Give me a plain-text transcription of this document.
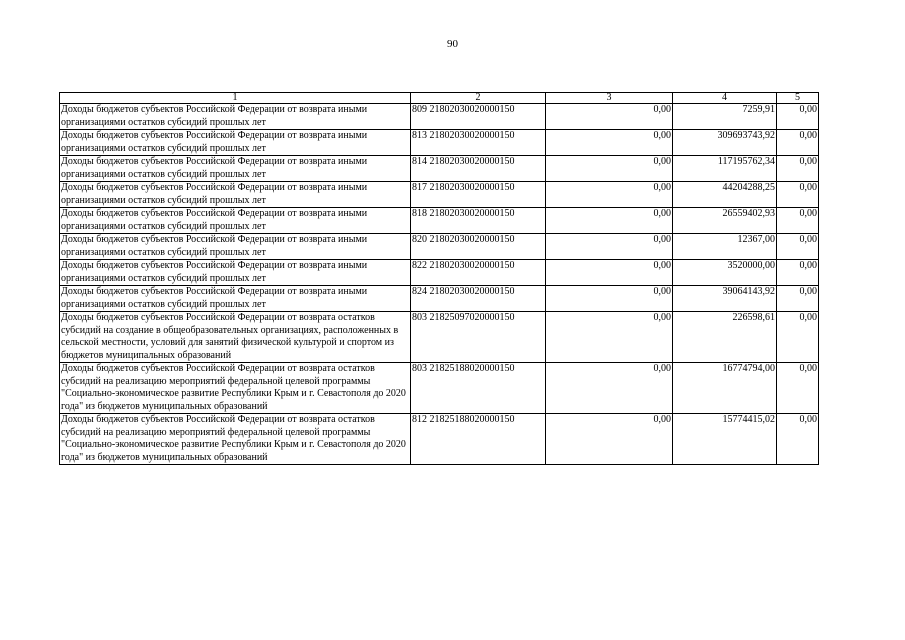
90
1	2	3	4	5
Доходы бюджетов субъектов Российской Федерации от возврата иными организациями остатков субсидий прошлых лет	809 21802030020000150	0,00	7259,91	0,00
Доходы бюджетов субъектов Российской Федерации от возврата иными организациями остатков субсидий прошлых лет	813 21802030020000150	0,00	309693743,92	0,00
Доходы бюджетов субъектов Российской Федерации от возврата иными организациями остатков субсидий прошлых лет	814 21802030020000150	0,00	117195762,34	0,00
Доходы бюджетов субъектов Российской Федерации от возврата иными организациями остатков субсидий прошлых лет	817 21802030020000150	0,00	44204288,25	0,00
Доходы бюджетов субъектов Российской Федерации от возврата иными организациями остатков субсидий прошлых лет	818 21802030020000150	0,00	26559402,93	0,00
Доходы бюджетов субъектов Российской Федерации от возврата иными организациями остатков субсидий прошлых лет	820 21802030020000150	0,00	12367,00	0,00
Доходы бюджетов субъектов Российской Федерации от возврата иными организациями остатков субсидий прошлых лет	822 21802030020000150	0,00	3520000,00	0,00
Доходы бюджетов субъектов Российской Федерации от возврата иными организациями остатков субсидий прошлых лет	824 21802030020000150	0,00	39064143,92	0,00
Доходы бюджетов субъектов Российской Федерации от возврата остатков субсидий на создание в общеобразовательных организациях, расположенных в сельской местности, условий для занятий физической культурой и спортом из бюджетов муниципальных образований	803 21825097020000150	0,00	226598,61	0,00
Доходы бюджетов субъектов Российской Федерации от возврата остатков субсидий на реализацию мероприятий федеральной целевой программы "Социально-экономическое развитие Республики Крым и г. Севастополя до 2020 года" из бюджетов муниципальных образований	803 21825188020000150	0,00	16774794,00	0,00
Доходы бюджетов субъектов Российской Федерации от возврата остатков субсидий на реализацию мероприятий федеральной целевой программы "Социально-экономическое развитие Республики Крым и г. Севастополя до 2020 года" из бюджетов муниципальных образований	812 21825188020000150	0,00	15774415,02	0,00
